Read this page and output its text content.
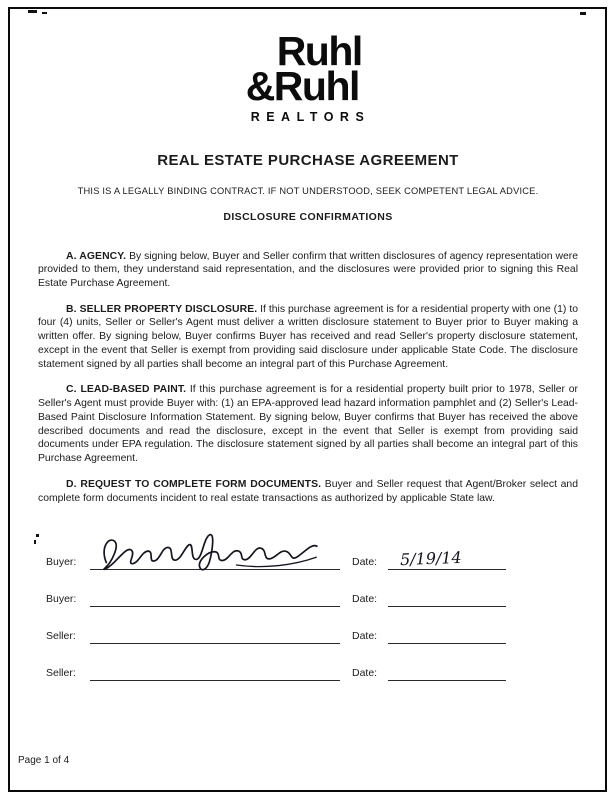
Ruhl
&Ruhl
REALTORS
REAL ESTATE PURCHASE AGREEMENT

THIS IS A LEGALLY BINDING CONTRACT. IF NOT UNDERSTOOD, SEEK COMPETENT LEGAL ADVICE.

DISCLOSURE CONFIRMATIONS

A. AGENCY. By signing below, Buyer and Seller confirm that written disclosures of agency representation were provided to them, they understand said representation, and the disclosures were provided prior to signing this Real Estate Purchase Agreement.

B. SELLER PROPERTY DISCLOSURE. If this purchase agreement is for a residential property with one (1) to four (4) units, Seller or Seller's Agent must deliver a written disclosure statement to Buyer prior to Buyer making a written offer. By signing below, Buyer confirms Buyer has received and read Seller's property disclosure statement, except in the event that Seller is exempt from providing said disclosure under applicable State Code. The disclosure statement signed by all parties shall become an integral part of this Purchase Agreement.

C. LEAD-BASED PAINT. If this purchase agreement is for a residential property built prior to 1978, Seller or Seller's Agent must provide Buyer with: (1) an EPA-approved lead hazard information pamphlet and (2) Seller's Lead-Based Paint Disclosure Information Statement. By signing below, Buyer confirms that Buyer has received the above described documents and read the disclosure, except in the event that Seller is exempt from providing said documents under EPA regulation. The disclosure statement signed by all parties shall become an integral part of this Purchase Agreement.

D. REQUEST TO COMPLETE FORM DOCUMENTS. Buyer and Seller request that Agent/Broker select and complete form documents incident to real estate transactions as authorized by applicable State law.

Buyer:	Date:	5/19/14
Buyer:	Date:
Seller:	Date:
Seller:	Date:
Page 1 of 4
